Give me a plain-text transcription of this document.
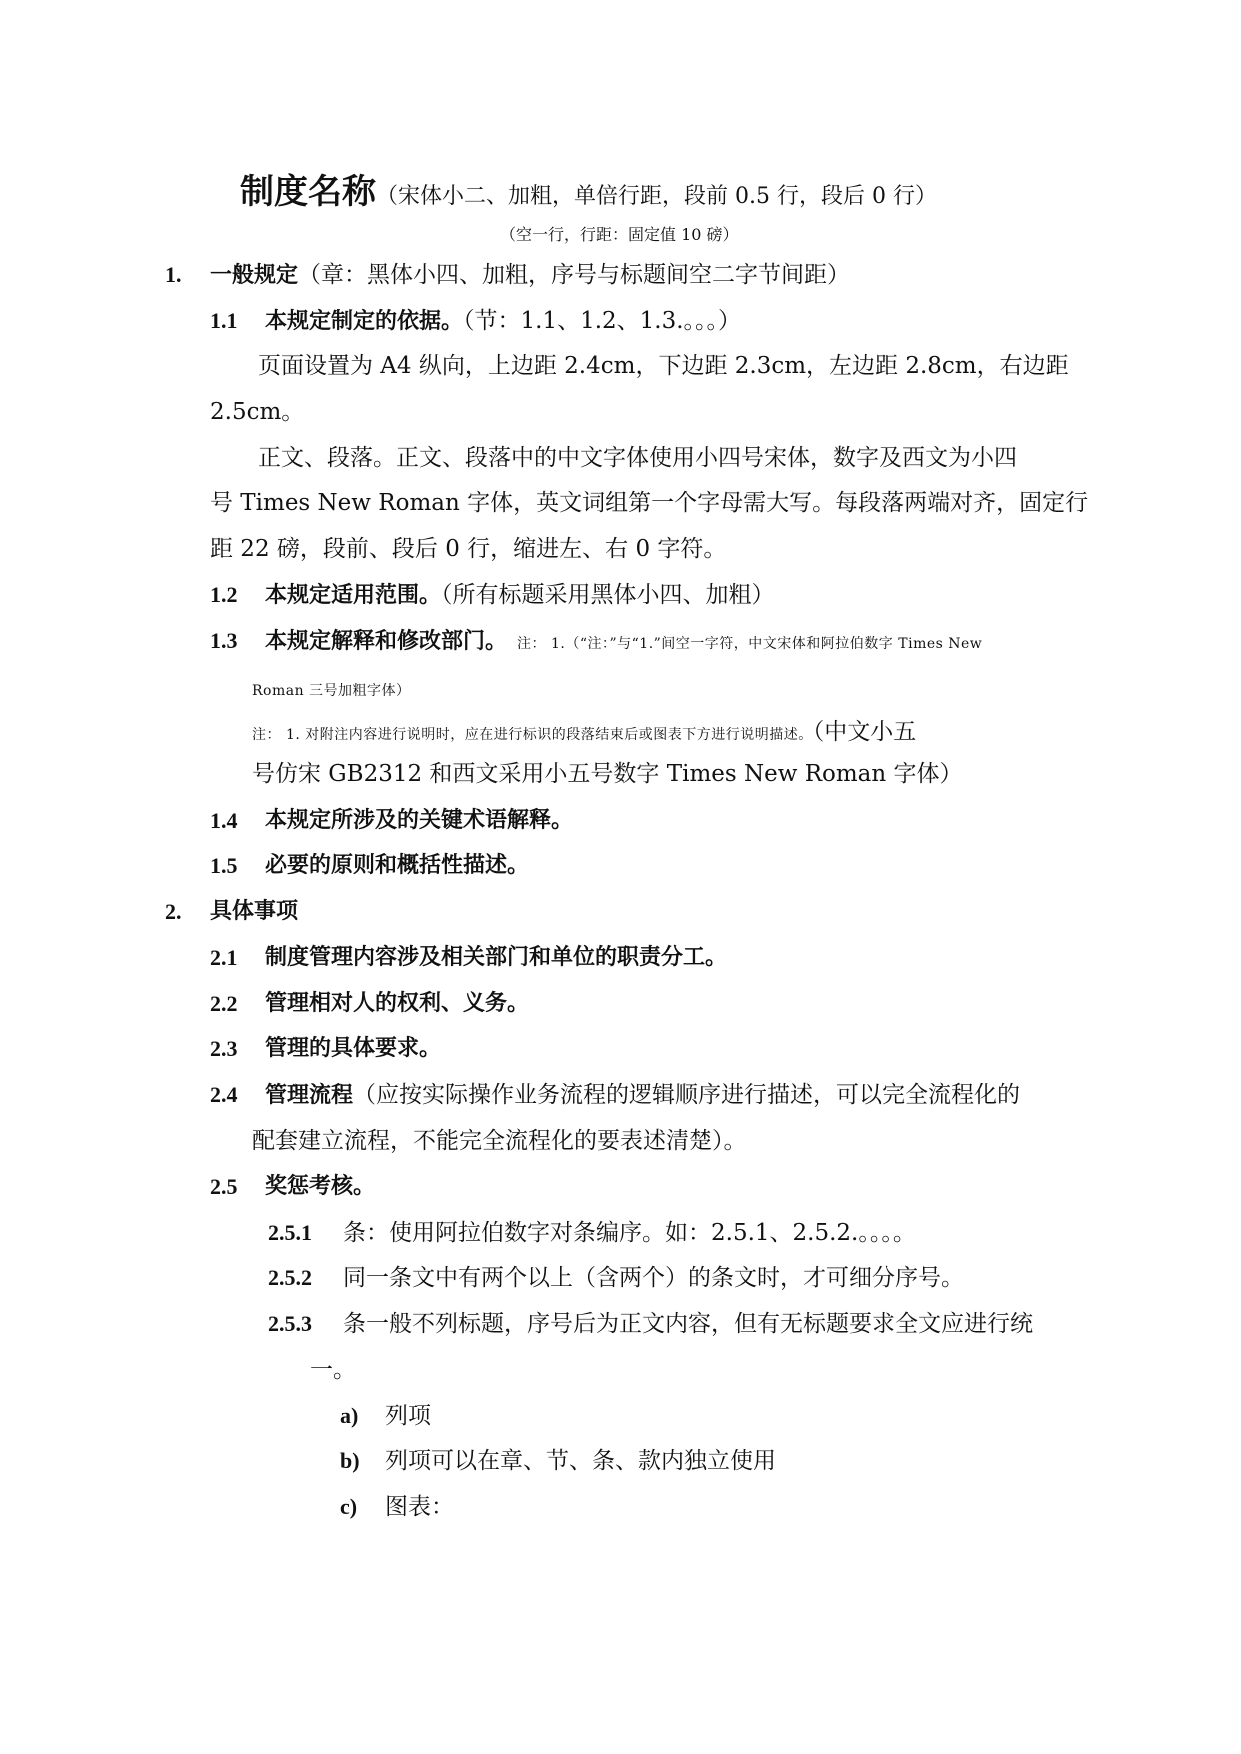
制度名称（宋体小二、加粗，单倍行距，段前 0.5 行，段后 0 行）
（空一行，行距：固定值 10 磅）
1. 一般规定（章：黑体小四、加粗，序号与标题间空二字节间距）
1.1 本规定制定的依据。（节：1.1、1.2、1.3.。。。）
页面设置为 A4 纵向，上边距 2.4cm，下边距 2.3cm，左边距 2.8cm，右边距
2.5cm。
正文、段落。正文、段落中的中文字体使用小四号宋体，数字及西文为小四
号 Times New Roman 字体，英文词组第一个字母需大写。每段落两端对齐，固定行
距 22 磅，段前、段后 0 行，缩进左、右 0 字符。
1.2 本规定适用范围。（所有标题采用黑体小四、加粗）
1.3 本规定解释和修改部门。 注： 1.（“注：”与“1.”间空一字符，中文宋体和阿拉伯数字 Times New
Roman 三号加粗字体）
注： 1. 对附注内容进行说明时，应在进行标识的段落结束后或图表下方进行说明描述。（中文小五
号仿宋 GB2312 和西文采用小五号数字 Times New Roman 字体）
1.4 本规定所涉及的关键术语解释。
1.5 必要的原则和概括性描述。
2. 具体事项
2.1 制度管理内容涉及相关部门和单位的职责分工。
2.2 管理相对人的权利、义务。
2.3 管理的具体要求。
2.4 管理流程（应按实际操作业务流程的逻辑顺序进行描述，可以完全流程化的
配套建立流程，不能完全流程化的要表述清楚）。
2.5 奖惩考核。
2.5.1 条：使用阿拉伯数字对条编序。如：2.5.1、2.5.2.。。。。
2.5.2 同一条文中有两个以上（含两个）的条文时，才可细分序号。
2.5.3 条一般不列标题，序号后为正文内容，但有无标题要求全文应进行统
一。
a) 列项
b) 列项可以在章、节、条、款内独立使用
c) 图表：
